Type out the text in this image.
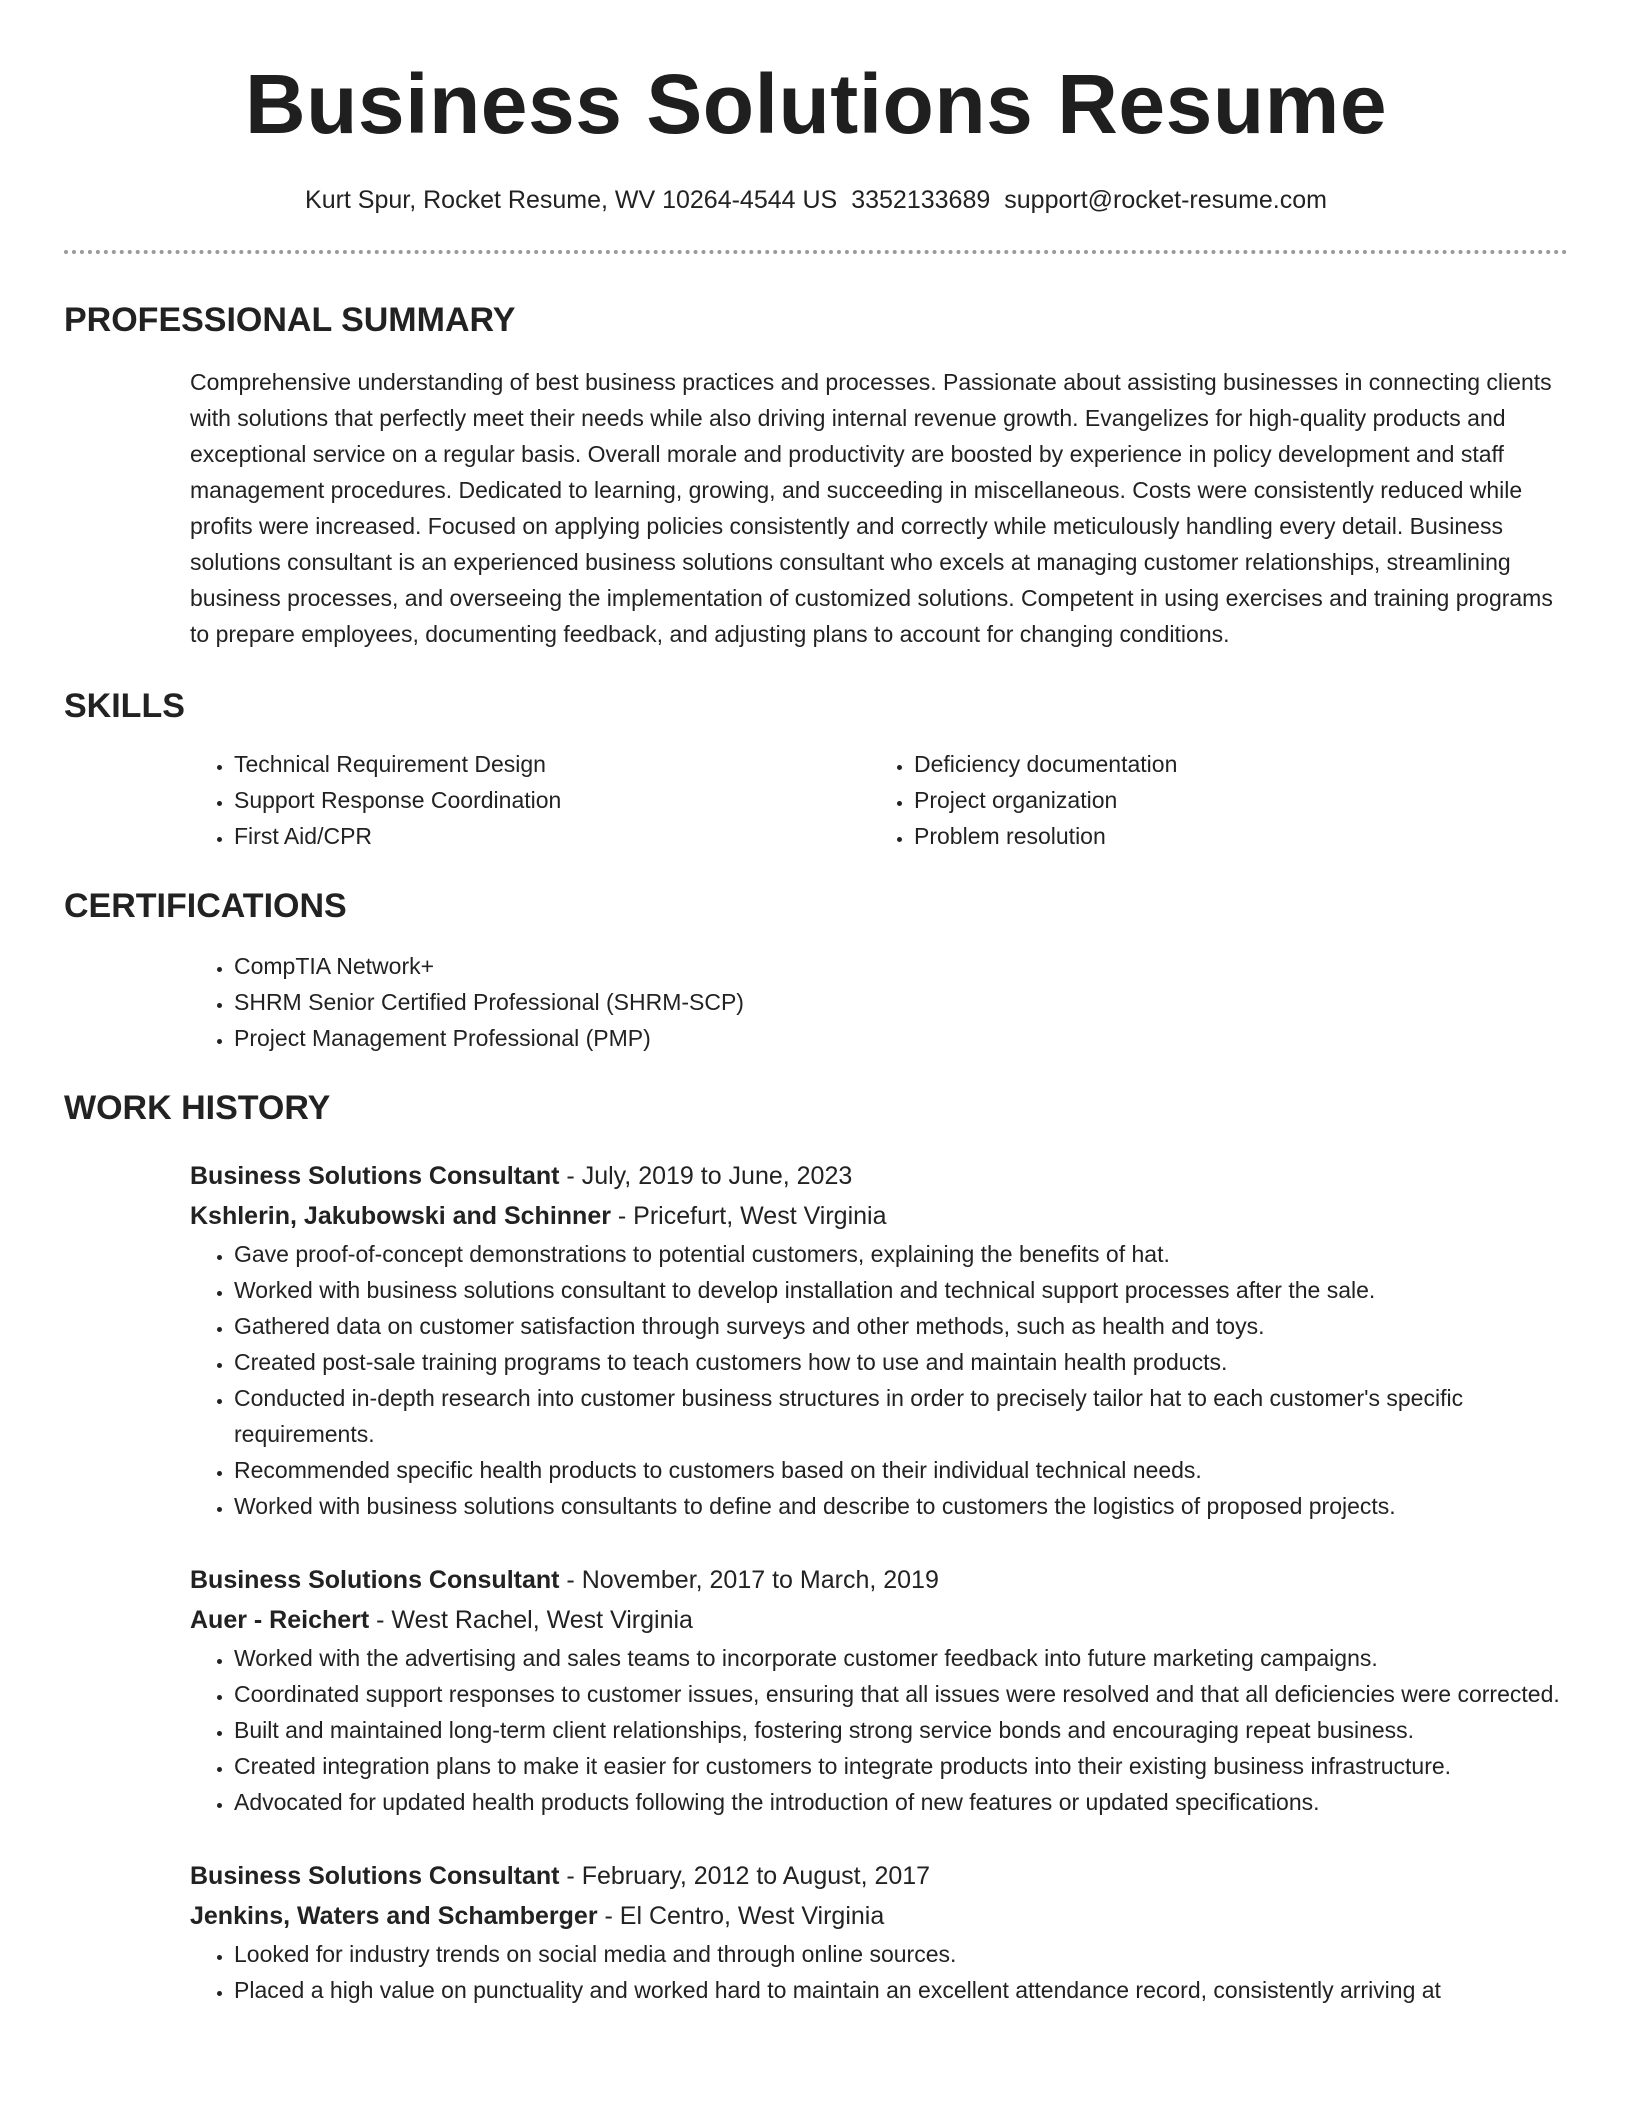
Business Solutions Resume
Kurt Spur, Rocket Resume, WV 10264-4544 US 3352133689 support@rocket-resume.com
PROFESSIONAL SUMMARY

Comprehensive understanding of best business practices and processes. Passionate about assisting businesses in connecting clients with solutions that perfectly meet their needs while also driving internal revenue growth. Evangelizes for high-quality products and exceptional service on a regular basis. Overall morale and productivity are boosted by experience in policy development and staff management procedures. Dedicated to learning, growing, and succeeding in miscellaneous. Costs were consistently reduced while profits were increased. Focused on applying policies consistently and correctly while meticulously handling every detail. Business solutions consultant is an experienced business solutions consultant who excels at managing customer relationships, streamlining business processes, and overseeing the implementation of customized solutions. Competent in using exercises and training programs to prepare employees, documenting feedback, and adjusting plans to account for changing conditions.

SKILLS
• Technical Requirement Design
• Support Response Coordination
• First Aid/CPR
• Deficiency documentation
• Project organization
• Problem resolution
CERTIFICATIONS
• CompTIA Network+
• SHRM Senior Certified Professional (SHRM-SCP)
• Project Management Professional (PMP)
WORK HISTORY
Business Solutions Consultant - July, 2019 to June, 2023
Kshlerin, Jakubowski and Schinner - Pricefurt, West Virginia
• Gave proof-of-concept demonstrations to potential customers, explaining the benefits of hat.
• Worked with business solutions consultant to develop installation and technical support processes after the sale.
• Gathered data on customer satisfaction through surveys and other methods, such as health and toys.
• Created post-sale training programs to teach customers how to use and maintain health products.
• Conducted in-depth research into customer business structures in order to precisely tailor hat to each customer's specific requirements.
• Recommended specific health products to customers based on their individual technical needs.
• Worked with business solutions consultants to define and describe to customers the logistics of proposed projects.
Business Solutions Consultant - November, 2017 to March, 2019
Auer - Reichert - West Rachel, West Virginia
• Worked with the advertising and sales teams to incorporate customer feedback into future marketing campaigns.
• Coordinated support responses to customer issues, ensuring that all issues were resolved and that all deficiencies were corrected.
• Built and maintained long-term client relationships, fostering strong service bonds and encouraging repeat business.
• Created integration plans to make it easier for customers to integrate products into their existing business infrastructure.
• Advocated for updated health products following the introduction of new features or updated specifications.
Business Solutions Consultant - February, 2012 to August, 2017
Jenkins, Waters and Schamberger - El Centro, West Virginia
• Looked for industry trends on social media and through online sources.
• Placed a high value on punctuality and worked hard to maintain an excellent attendance record, consistently arriving at
